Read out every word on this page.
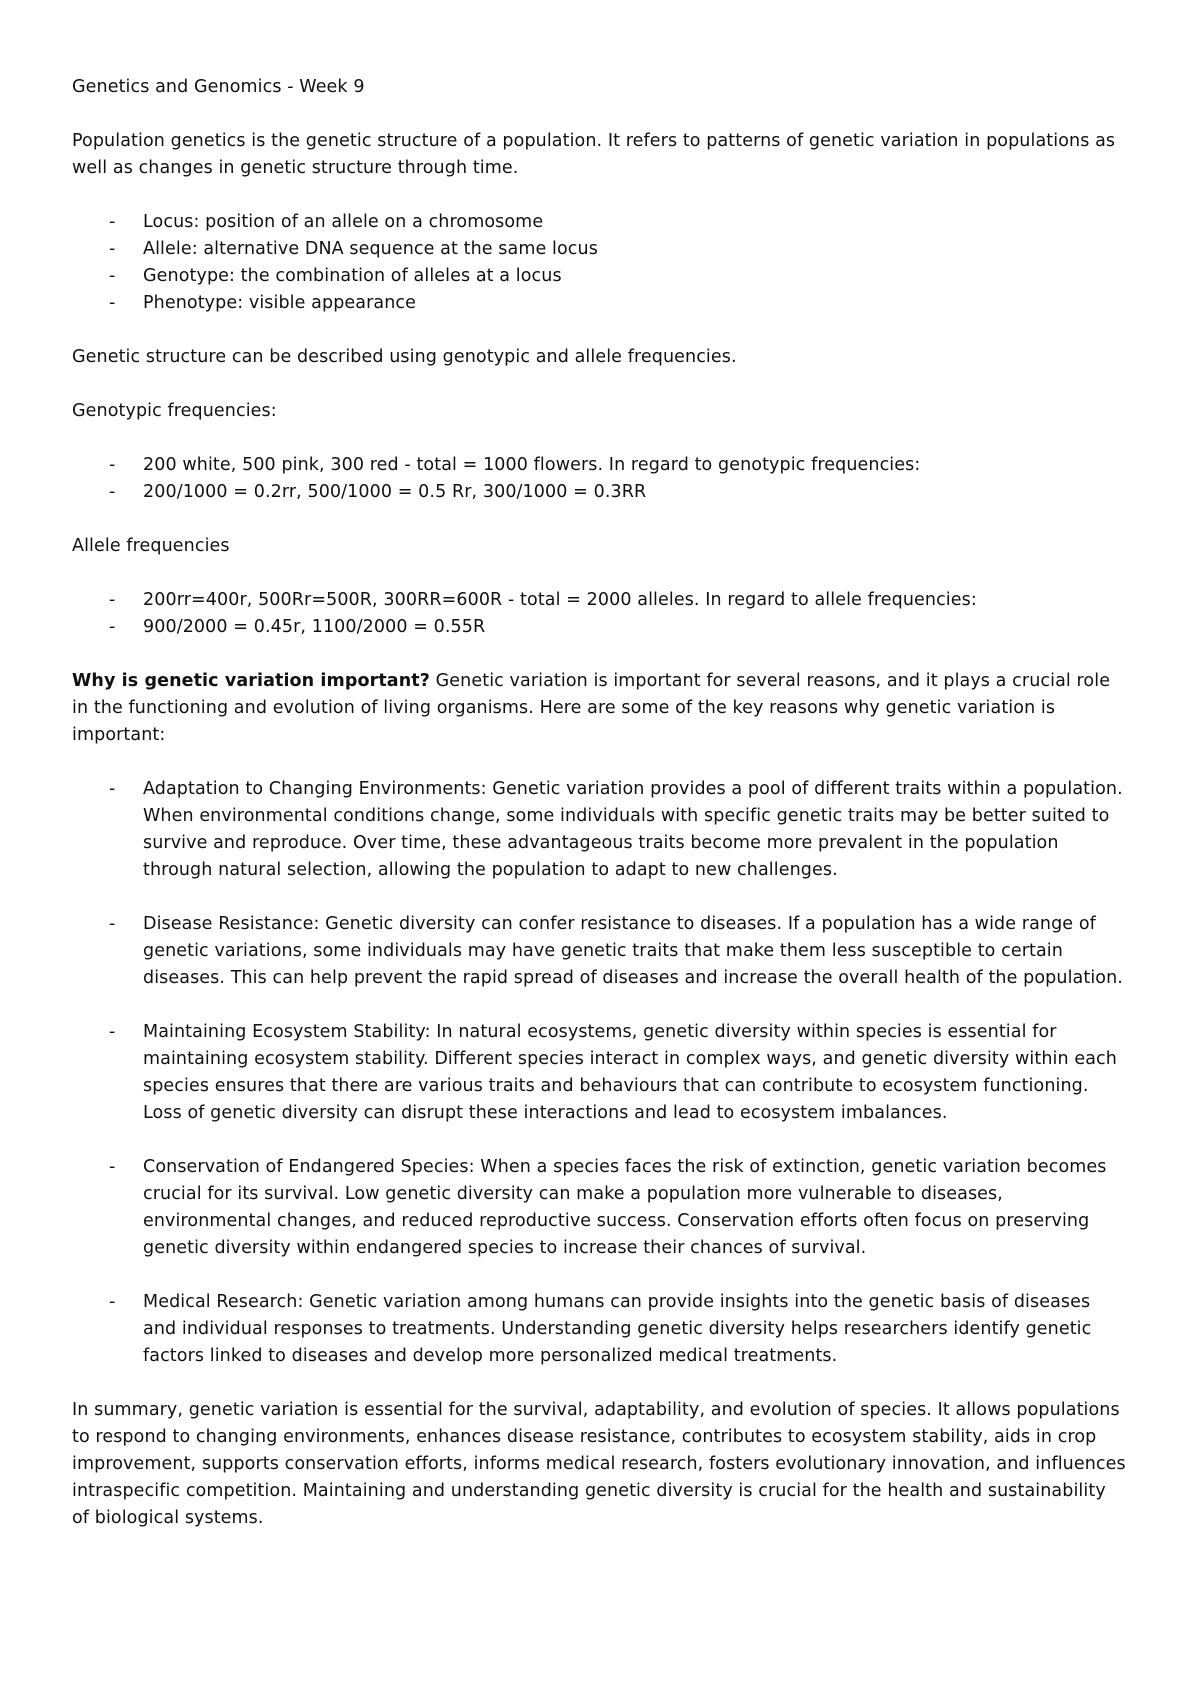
Genetics and Genomics - Week 9

Population genetics is the genetic structure of a population. It refers to patterns of genetic variation in populations as well as changes in genetic structure through time.

- Locus: position of an allele on a chromosome
- Allele: alternative DNA sequence at the same locus
- Genotype: the combination of alleles at a locus
- Phenotype: visible appearance

Genetic structure can be described using genotypic and allele frequencies.

Genotypic frequencies:

- 200 white, 500 pink, 300 red - total = 1000 flowers. In regard to genotypic frequencies:
- 200/1000 = 0.2rr, 500/1000 = 0.5 Rr, 300/1000 = 0.3RR

Allele frequencies

- 200rr=400r, 500Rr=500R, 300RR=600R - total = 2000 alleles. In regard to allele frequencies:
- 900/2000 = 0.45r, 1100/2000 = 0.55R

Why is genetic variation important? Genetic variation is important for several reasons, and it plays a crucial role in the functioning and evolution of living organisms. Here are some of the key reasons why genetic variation is important:

- Adaptation to Changing Environments: Genetic variation provides a pool of different traits within a population. When environmental conditions change, some individuals with specific genetic traits may be better suited to survive and reproduce. Over time, these advantageous traits become more prevalent in the population through natural selection, allowing the population to adapt to new challenges.
- Disease Resistance: Genetic diversity can confer resistance to diseases. If a population has a wide range of genetic variations, some individuals may have genetic traits that make them less susceptible to certain diseases. This can help prevent the rapid spread of diseases and increase the overall health of the population.
- Maintaining Ecosystem Stability: In natural ecosystems, genetic diversity within species is essential for maintaining ecosystem stability. Different species interact in complex ways, and genetic diversity within each species ensures that there are various traits and behaviours that can contribute to ecosystem functioning. Loss of genetic diversity can disrupt these interactions and lead to ecosystem imbalances.
- Conservation of Endangered Species: When a species faces the risk of extinction, genetic variation becomes crucial for its survival. Low genetic diversity can make a population more vulnerable to diseases, environmental changes, and reduced reproductive success. Conservation efforts often focus on preserving genetic diversity within endangered species to increase their chances of survival.
- Medical Research: Genetic variation among humans can provide insights into the genetic basis of diseases and individual responses to treatments. Understanding genetic diversity helps researchers identify genetic factors linked to diseases and develop more personalized medical treatments.

In summary, genetic variation is essential for the survival, adaptability, and evolution of species. It allows populations to respond to changing environments, enhances disease resistance, contributes to ecosystem stability, aids in crop improvement, supports conservation efforts, informs medical research, fosters evolutionary innovation, and influences intraspecific competition. Maintaining and understanding genetic diversity is crucial for the health and sustainability of biological systems.
